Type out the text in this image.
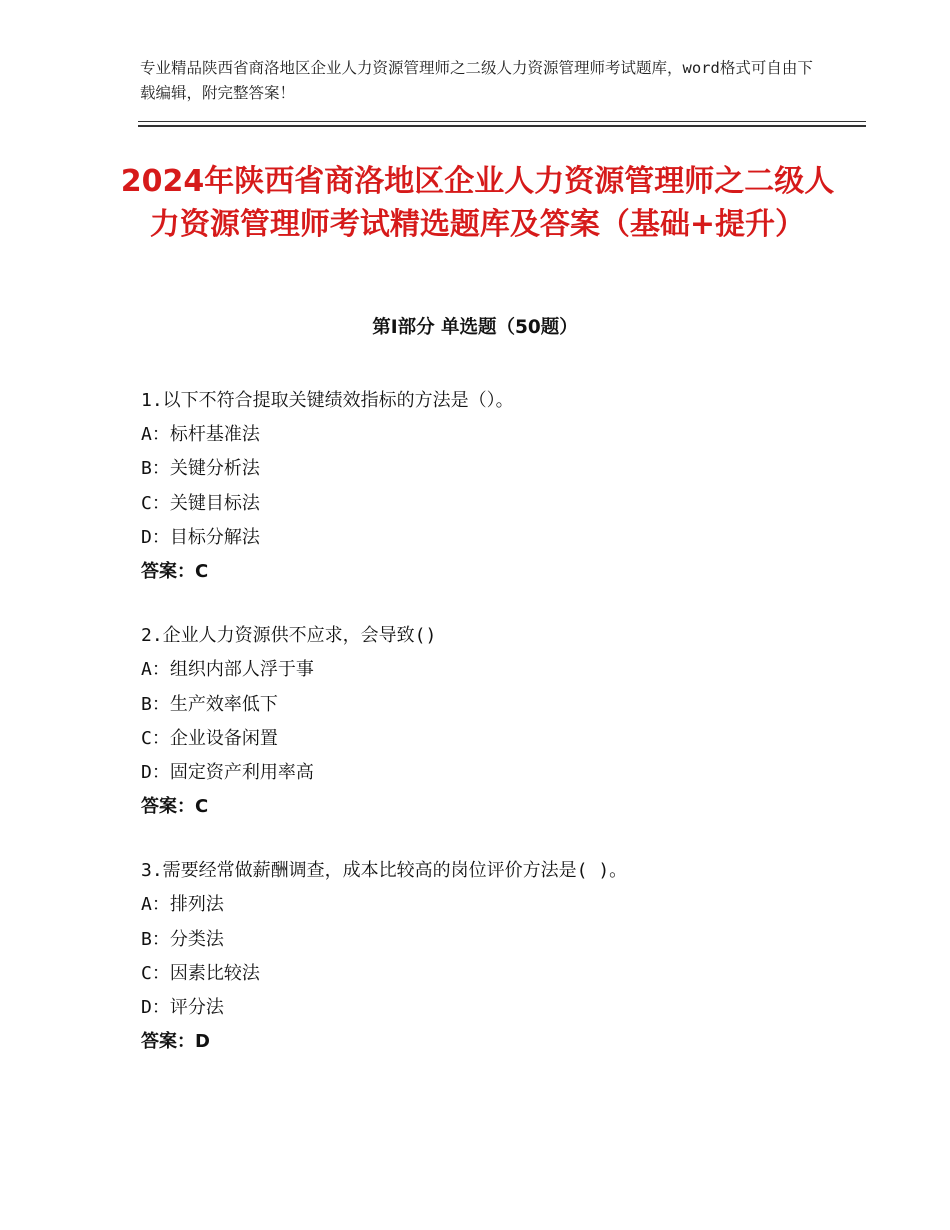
专业精品陕西省商洛地区企业人力资源管理师之二级人力资源管理师考试题库，word格式可自由下载编辑，附完整答案！
2024年陕西省商洛地区企业人力资源管理师之二级人力资源管理师考试精选题库及答案（基础+提升）
第Ⅰ部分 单选题（50题）
1.以下不符合提取关键绩效指标的方法是（）。
A：标杆基准法
B：关键分析法
C：关键目标法
D：目标分解法
答案：C
2.企业人力资源供不应求，会导致()
A：组织内部人浮于事
B：生产效率低下
C：企业设备闲置
D：固定资产利用率高
答案：C
3.需要经常做薪酬调查，成本比较高的岗位评价方法是( )。
A：排列法
B：分类法
C：因素比较法
D：评分法
答案：D
